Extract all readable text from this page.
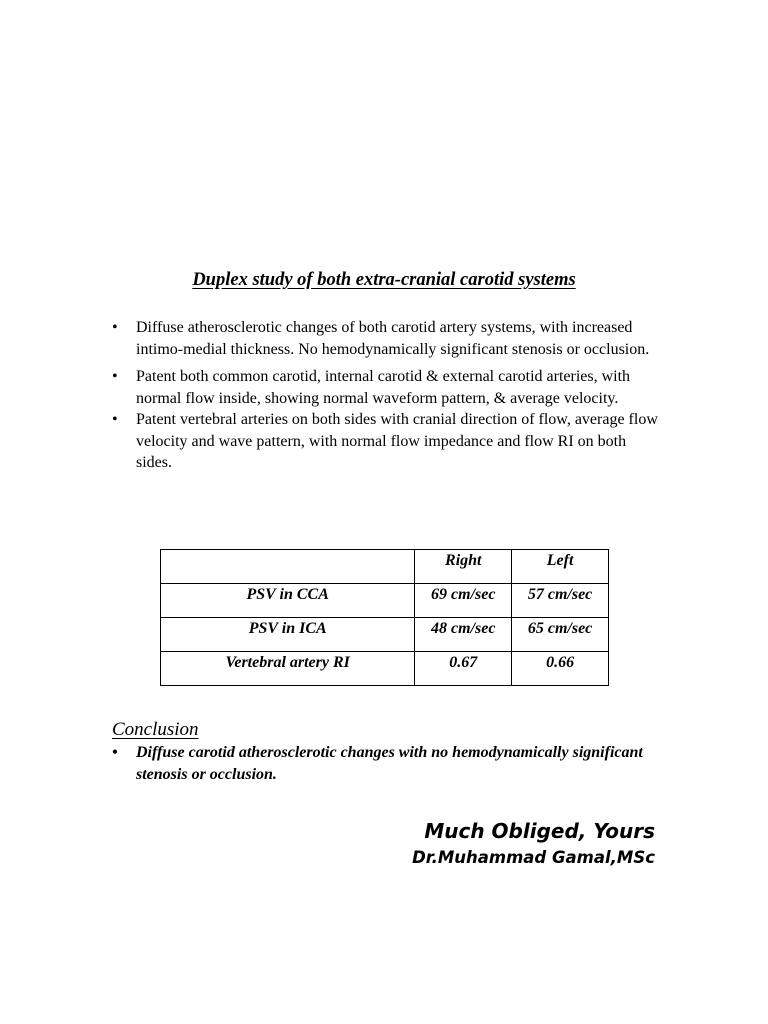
Duplex study of both extra-cranial carotid systems
•	Diffuse atherosclerotic changes of both carotid artery systems, with increased intimo-medial thickness. No hemodynamically significant stenosis or occlusion.
•	Patent both common carotid, internal carotid & external carotid arteries, with normal flow inside, showing normal waveform pattern, & average velocity.
•	Patent vertebral arteries on both sides with cranial direction of flow, average flow velocity and wave pattern, with normal flow impedance and flow RI on both sides.
	Right	Left
PSV in CCA	69 cm/sec	57 cm/sec
PSV in ICA	48 cm/sec	65 cm/sec
Vertebral artery RI	0.67	0.66
Conclusion
•	Diffuse carotid atherosclerotic changes with no hemodynamically significant stenosis or occlusion.
Much Obliged, Yours
Dr.Muhammad Gamal,MSc
